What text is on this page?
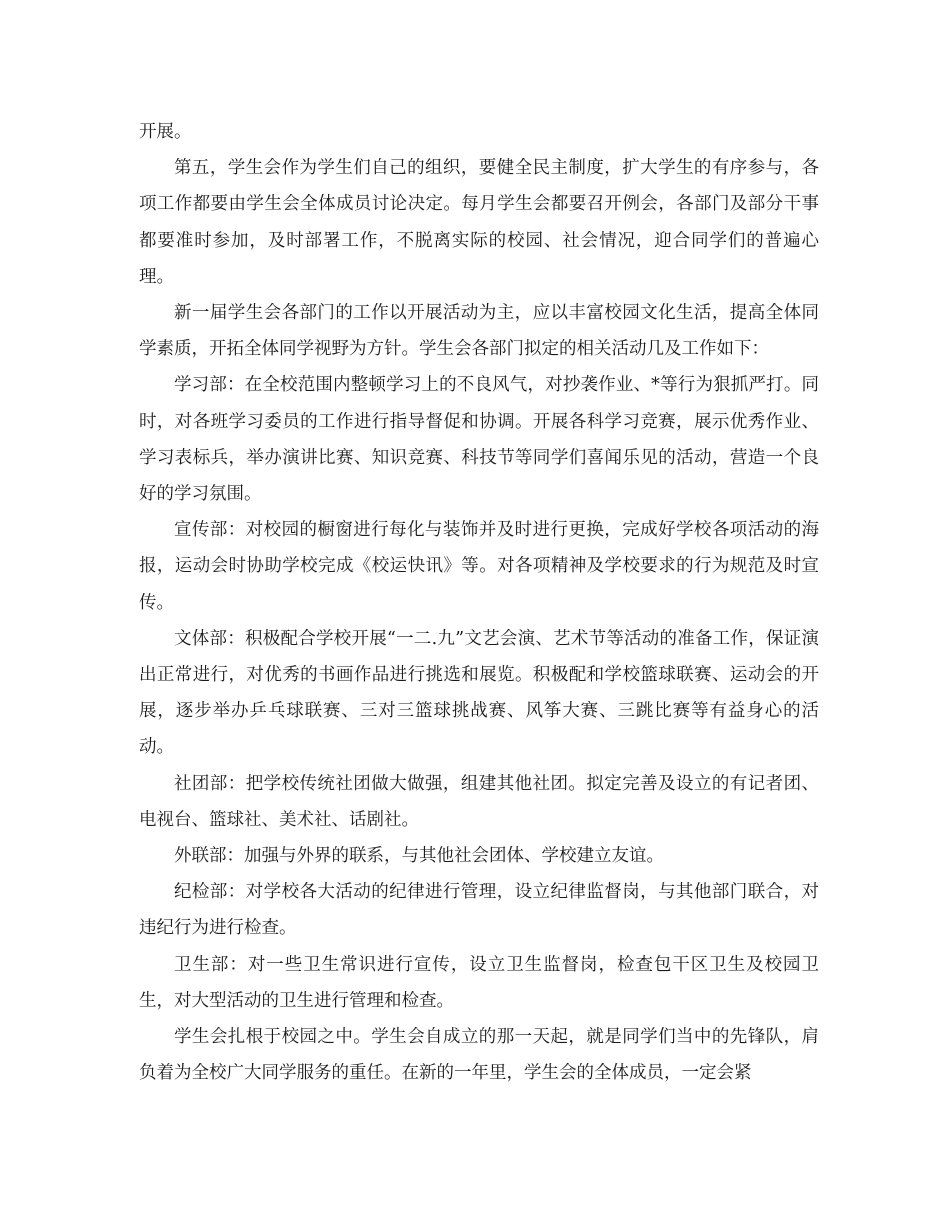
开展。

第五，学生会作为学生们自己的组织，要健全民主制度，扩大学生的有序参与，各项工作都要由学生会全体成员讨论决定。每月学生会都要召开例会，各部门及部分干事都要准时参加，及时部署工作，不脱离实际的校园、社会情况，迎合同学们的普遍心理。

新一届学生会各部门的工作以开展活动为主，应以丰富校园文化生活，提高全体同学素质，开拓全体同学视野为方针。学生会各部门拟定的相关活动几及工作如下：

学习部：在全校范围内整顿学习上的不良风气，对抄袭作业、*等行为狠抓严打。同时，对各班学习委员的工作进行指导督促和协调。开展各科学习竞赛，展示优秀作业、学习表标兵，举办演讲比赛、知识竞赛、科技节等同学们喜闻乐见的活动，营造一个良好的学习氛围。

宣传部：对校园的橱窗进行每化与装饰并及时进行更换，完成好学校各项活动的海报，运动会时协助学校完成《校运快讯》等。对各项精神及学校要求的行为规范及时宣传。

文体部：积极配合学校开展“一二.九”文艺会演、艺术节等活动的准备工作，保证演出正常进行，对优秀的书画作品进行挑选和展览。积极配和学校篮球联赛、运动会的开展，逐步举办乒乓球联赛、三对三篮球挑战赛、风筝大赛、三跳比赛等有益身心的活动。

社团部：把学校传统社团做大做强，组建其他社团。拟定完善及设立的有记者团、电视台、篮球社、美术社、话剧社。

外联部：加强与外界的联系，与其他社会团体、学校建立友谊。

纪检部：对学校各大活动的纪律进行管理，设立纪律监督岗，与其他部门联合，对违纪行为进行检查。

卫生部：对一些卫生常识进行宣传，设立卫生监督岗，检查包干区卫生及校园卫生，对大型活动的卫生进行管理和检查。

学生会扎根于校园之中。学生会自成立的那一天起，就是同学们当中的先锋队，肩负着为全校广大同学服务的重任。在新的一年里，学生会的全体成员，一定会紧
